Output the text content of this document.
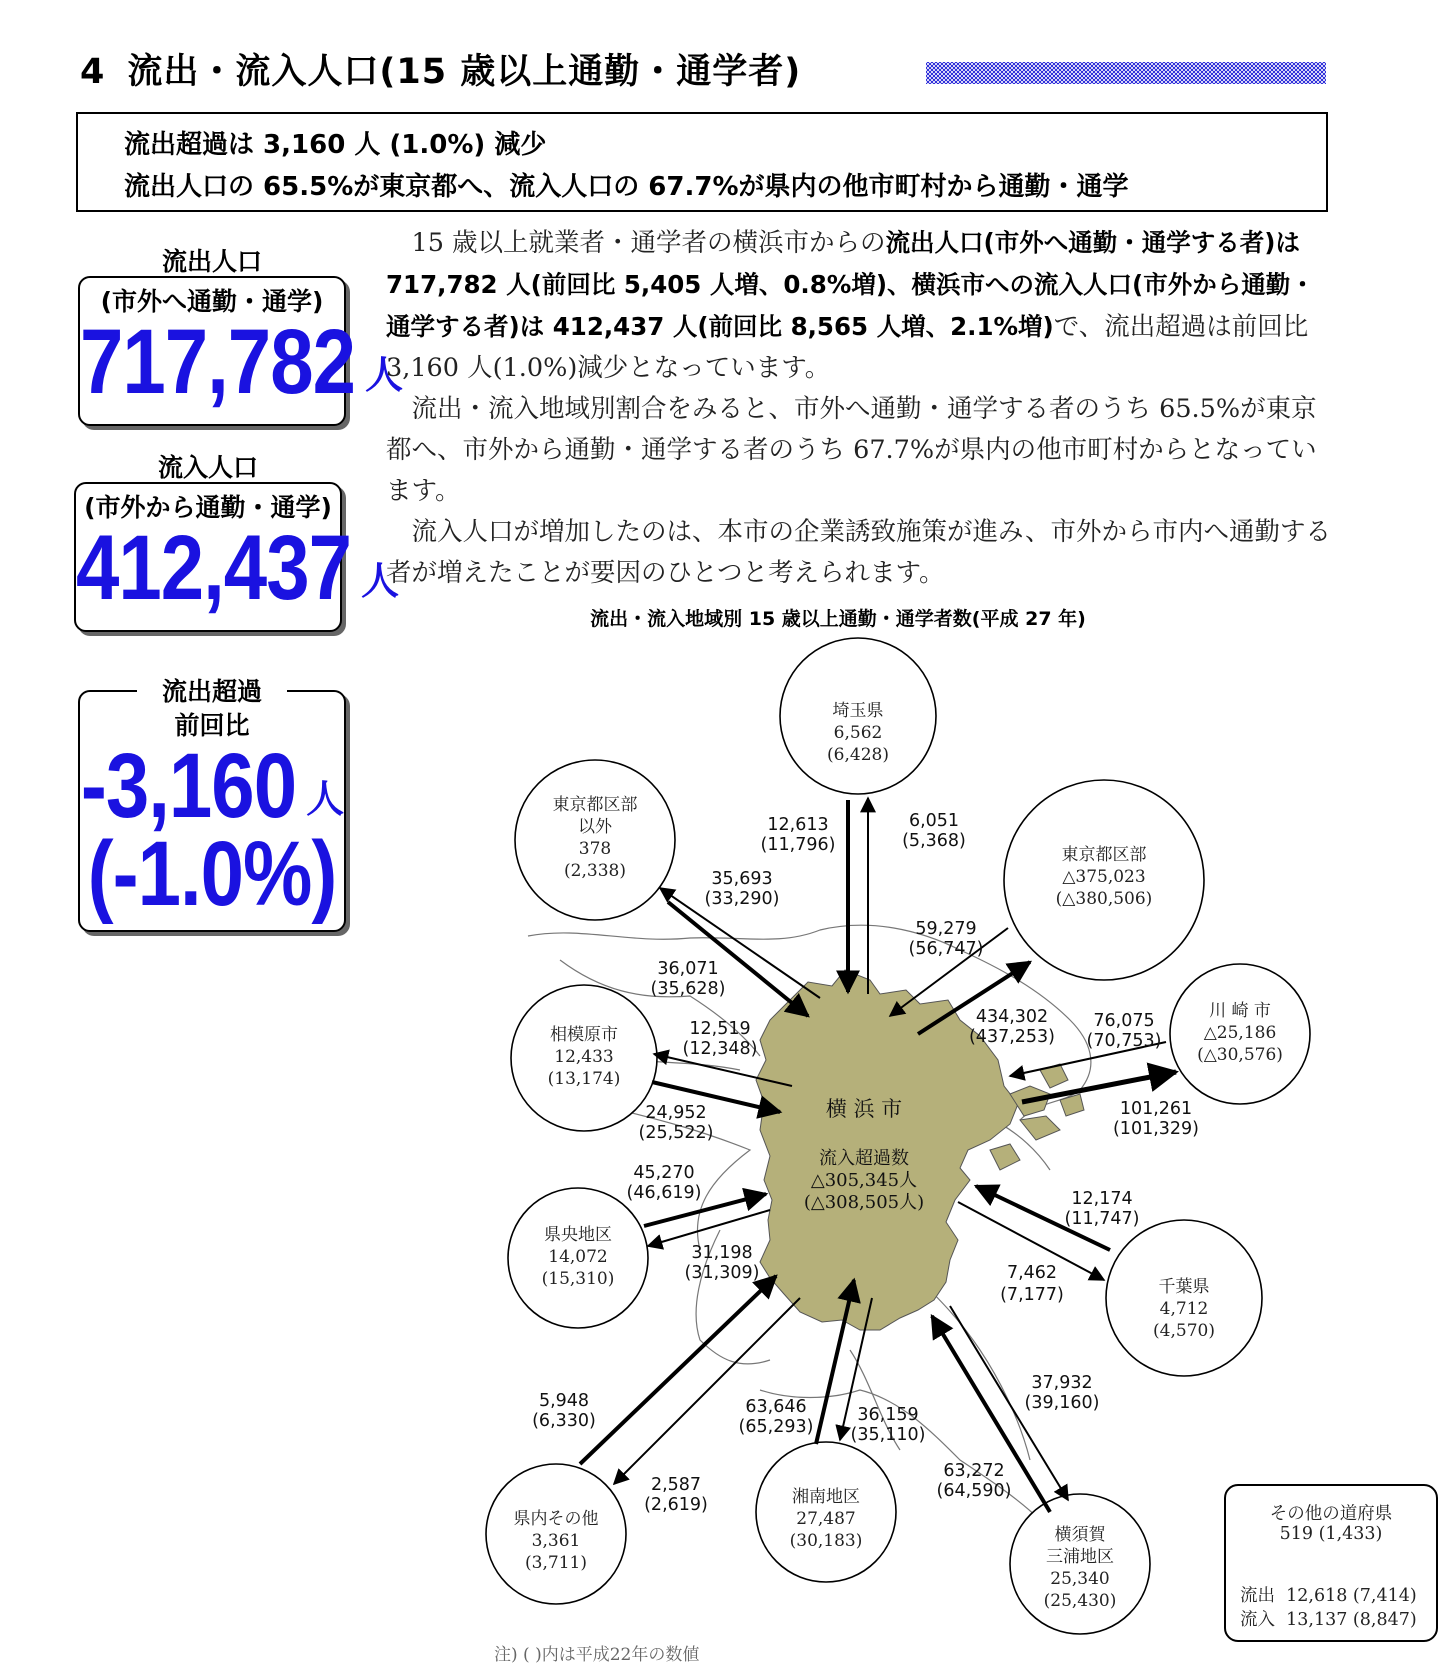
4 流出・流入人口(15 歳以上通勤・通学者)
流出超過は 3,160 人 (1.0%) 減少
流出人口の 65.5%が東京都へ、流入人口の 67.7%が県内の他市町村から通勤・通学
流出人口
(市外へ通勤・通学)
717,782 人
流入人口
(市外から通勤・通学)
412,437 人
流出超過
前回比
-3,160 人
(-1.0%)

15 歳以上就業者・通学者の横浜市からの流出人口(市外へ通勤・通学する者)は 717,782 人(前回比 5,405 人増、0.8%増)、横浜市への流入人口(市外から通勤・通学する者)は 412,437 人(前回比 8,565 人増、2.1%増)で、流出超過は前回比 3,160 人(1.0%)減少となっています。

流出・流入地域別割合をみると、市外へ通勤・通学する者のうち 65.5%が東京都へ、市外から通勤・通学する者のうち 67.7%が県内の他市町村からとなっています。

流入人口が増加したのは、本市の企業誘致施策が進み、市外から市内へ通勤する者が増えたことが要因のひとつと考えられます。

流出・流入地域別 15 歳以上通勤・通学者数(平成 27 年)
埼玉県
6,562
(6,428)
東京都区部
以外
378
(2,338)
東京都区部
△375,023
(△380,506)
川 崎 市
△25,186
(△30,576)
相模原市
12,433
(13,174)
県央地区
14,072
(15,310)	千葉県
4,712
(4,570)
県内その他
3,361
(3,711)
湘南地区
27,487
(30,183)	横須賀
三浦地区
25,340
(25,430)
横 浜 市
流入超過数
△305,345人
(△308,505人)
12,613
(11,796)
6,051
(5,368)
35,693
(33,290)
36,071
(35,628)
59,279
(56,747)
434,302
(437,253)
76,075
(70,753)
101,261
(101,329)
12,519
(12,348)
24,952
(25,522)
45,270
(46,619)
31,198
(31,309)
12,174
(11,747)
7,462
(7,177)
5,948
(6,330)
2,587
(2,619)
63,646
(65,293)
36,159
(35,110)
63,272
(64,590)
37,932
(39,160)
その他の道府県
519 (1,433)
流出 12,618 (7,414)
流入 13,137 (8,847)
注) ( )内は平成22年の数値
